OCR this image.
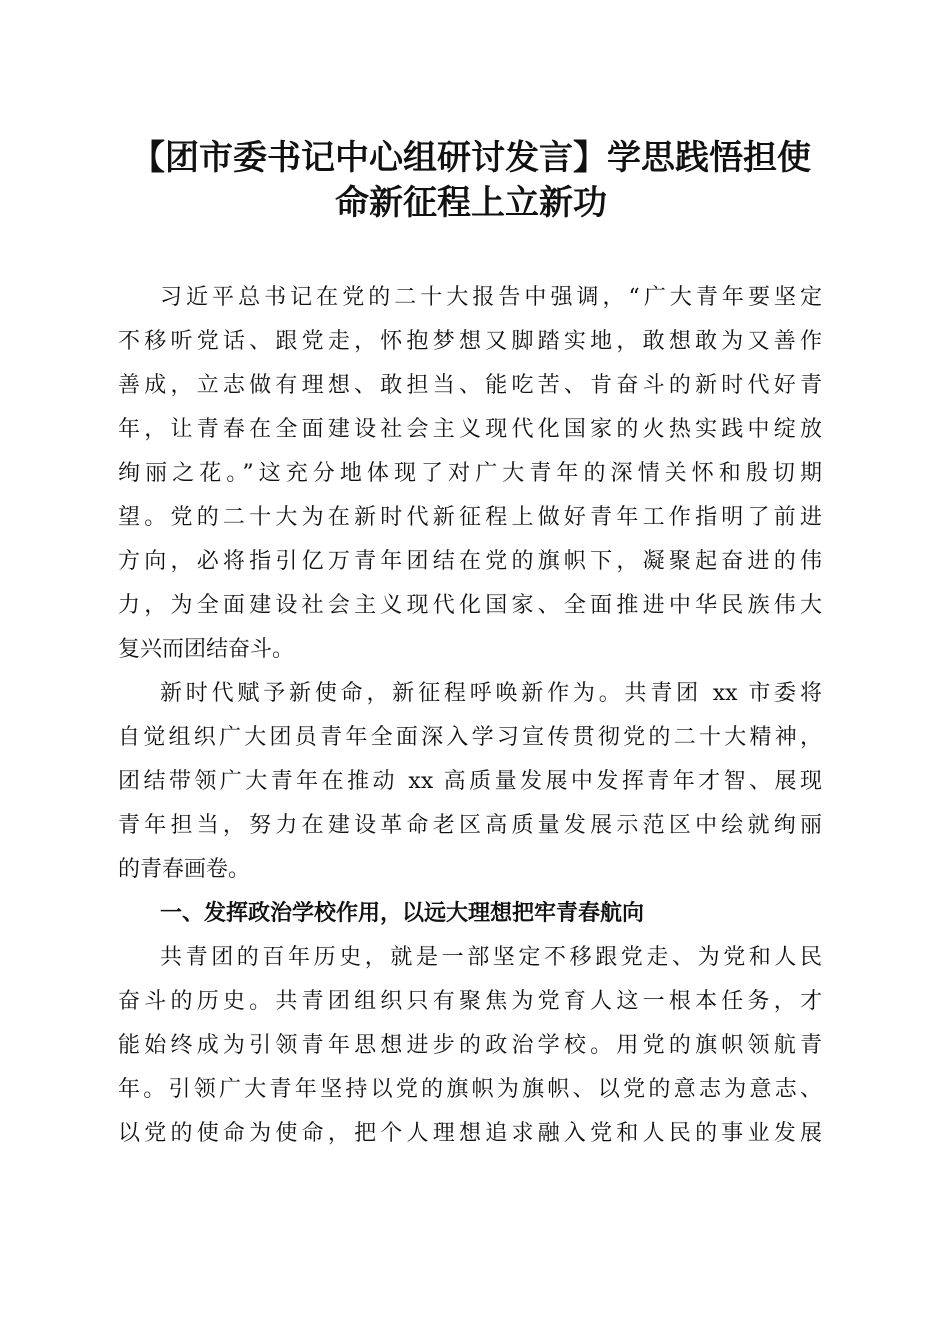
【团市委书记中心组研讨发言】学思践悟担使
命新征程上立新功
习近平总书记在党的二十大报告中强调，“广大青年要坚定
不移听党话、跟党走，怀抱梦想又脚踏实地，敢想敢为又善作
善成，立志做有理想、敢担当、能吃苦、肯奋斗的新时代好青
年，让青春在全面建设社会主义现代化国家的火热实践中绽放
绚丽之花。”这充分地体现了对广大青年的深情关怀和殷切期
望。党的二十大为在新时代新征程上做好青年工作指明了前进
方向，必将指引亿万青年团结在党的旗帜下，凝聚起奋进的伟
力，为全面建设社会主义现代化国家、全面推进中华民族伟大
复兴而团结奋斗。
新时代赋予新使命，新征程呼唤新作为。共青团 xx 市委将
自觉组织广大团员青年全面深入学习宣传贯彻党的二十大精神，
团结带领广大青年在推动 xx 高质量发展中发挥青年才智、展现
青年担当，努力在建设革命老区高质量发展示范区中绘就绚丽
的青春画卷。
一、发挥政治学校作用，以远大理想把牢青春航向
共青团的百年历史，就是一部坚定不移跟党走、为党和人民
奋斗的历史。共青团组织只有聚焦为党育人这一根本任务，才
能始终成为引领青年思想进步的政治学校。用党的旗帜领航青
年。引领广大青年坚持以党的旗帜为旗帜、以党的意志为意志、
以党的使命为使命，把个人理想追求融入党和人民的事业发展
